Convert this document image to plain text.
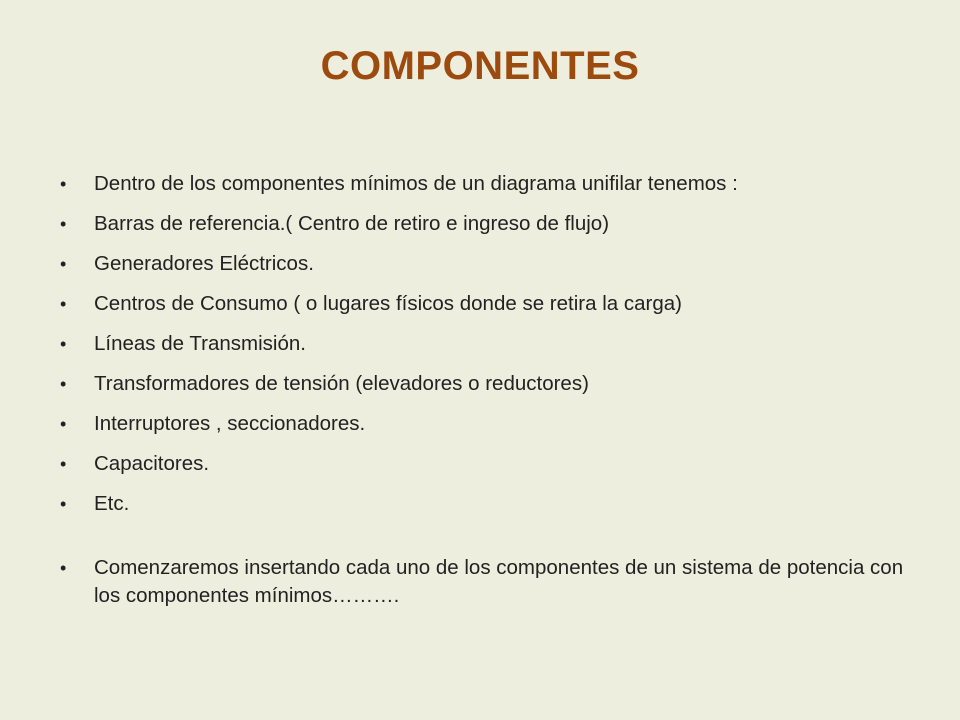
COMPONENTES
•	Dentro de los componentes mínimos de un diagrama unifilar tenemos :
•	Barras de referencia.( Centro de retiro e ingreso de flujo)
•	Generadores Eléctricos.
•	Centros de Consumo ( o lugares físicos donde se retira la carga)
•	Líneas de Transmisión.
•	Transformadores de tensión (elevadores o reductores)
•	Interruptores , seccionadores.
•	Capacitores.
•	Etc.
•	Comenzaremos insertando cada uno de los componentes de un sistema de potencia con los componentes mínimos……….
